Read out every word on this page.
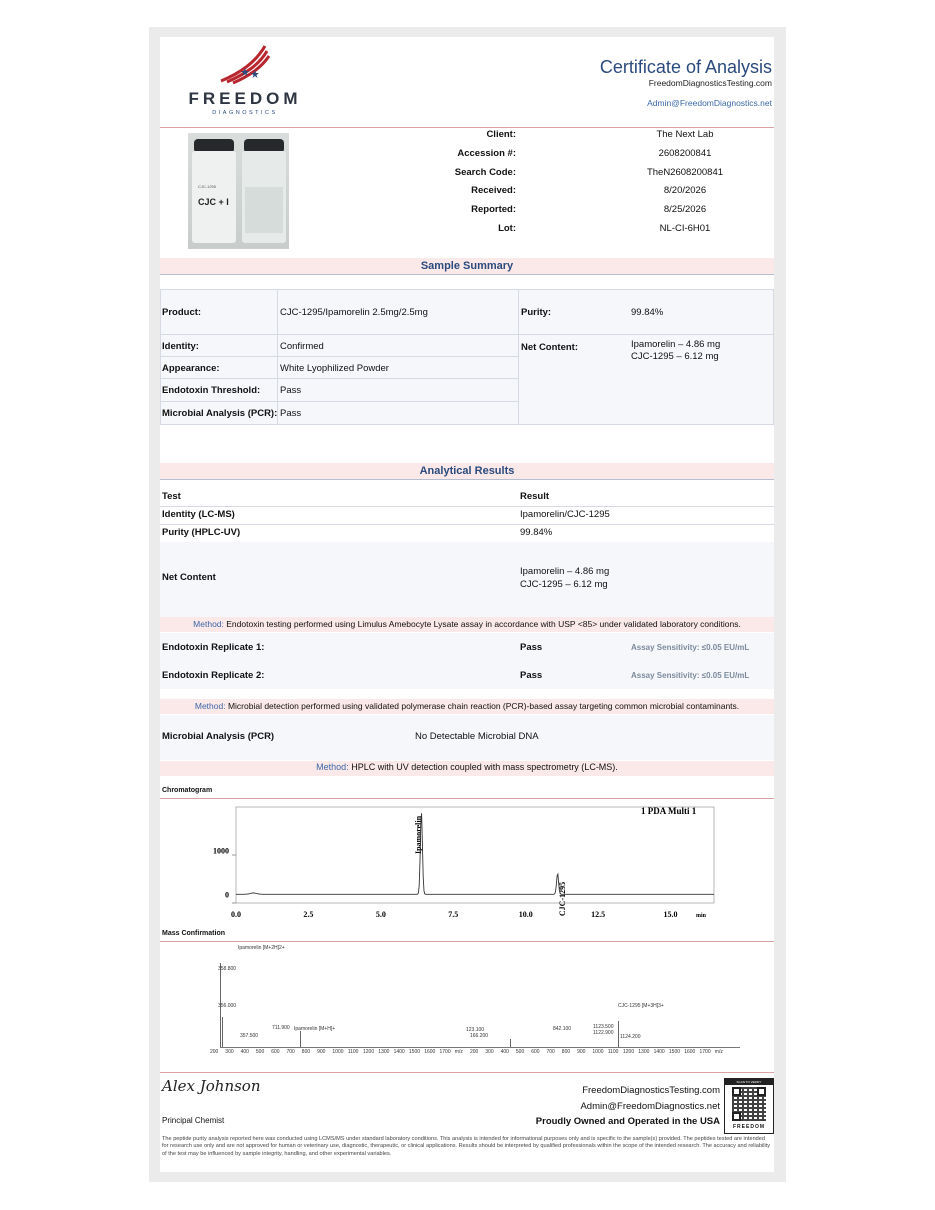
FREEDOM
DIAGNOSTICS
Certificate of Analysis
FreedomDiagnosticsTesting.com
Admin@FreedomDiagnostics.net
CJC + I
CJC-1295
Client:	The Next Lab
Accession #:	2608200841
Search Code:	TheN2608200841
Received:	8/20/2026
Reported:	8/25/2026
Lot:	NL-CI-6H01
Sample Summary
Product:	CJC-1295/Ipamorelin 2.5mg/2.5mg	Purity:	99.84%
Identity:	Confirmed
Appearance:	White Lyophilized Powder
Endotoxin Threshold: Pass
Microbial Analysis (PCR): Pass
Net Content:	Ipamorelin – 4.86 mg
CJC-1295 – 6.12 mg
Analytical Results
Test	Result
Identity (LC-MS)	Ipamorelin/CJC-1295
Purity (HPLC-UV)	99.84%
Net Content
Ipamorelin – 4.86 mg
CJC-1295 – 6.12 mg
Method: Endotoxin testing performed using Limulus Amebocyte Lysate assay in accordance with USP <85> under validated laboratory conditions.
Endotoxin Replicate 1:	Pass	Assay Sensitivity: ≤0.05 EU/mL
Endotoxin Replicate 2:	Pass	Assay Sensitivity: ≤0.05 EU/mL
Method: Microbial detection performed using validated polymerase chain reaction (PCR)-based assay targeting common microbial contaminants.
Microbial Analysis (PCR)	No Detectable Microbial DNA
Method: HPLC with UV detection coupled with mass spectrometry (LC-MS).
Chromatogram
1 PDA Multi 1
min
Ipamorelin
CJC-1295
0.0	2.5	5.0	7.5	10.0	12.5	15.0
0
1000
Mass Confirmation
Ipamorelin [M+2H]2+
358.800
356.000
357.500
711.900 Ipamorelin [M+H]+	123.100
166.200
842.100	1123.500
1122.900
CJC-1295 [M+3H]3+
1124.200
200 300 400 500 600 700 800 900 1000 1100 1200 1300 1400 1500 1600 1700 m/z 200 300 400 500 600 700 800 900 1000 1100 1200 1300 1400 1500 1600 1700 m/z
Alex Johnson
Principal Chemist
FreedomDiagnosticsTesting.com
Admin@FreedomDiagnostics.net
Proudly Owned and Operated in the USA
SCAN TO VERIFY
FREEDOM
The peptide purity analysis reported here was conducted using LCMS/MS under standard laboratory conditions. This analysis is intended for informational purposes only and is specific to the sample(s) provided. The peptides tested are intended for research use only and are not approved for human or veterinary use, diagnostic, therapeutic, or clinical applications. Results should be interpreted by qualified professionals within the scope of the intended research. The accuracy and reliability of the test may be influenced by sample integrity, handling, and other experimental variables.
